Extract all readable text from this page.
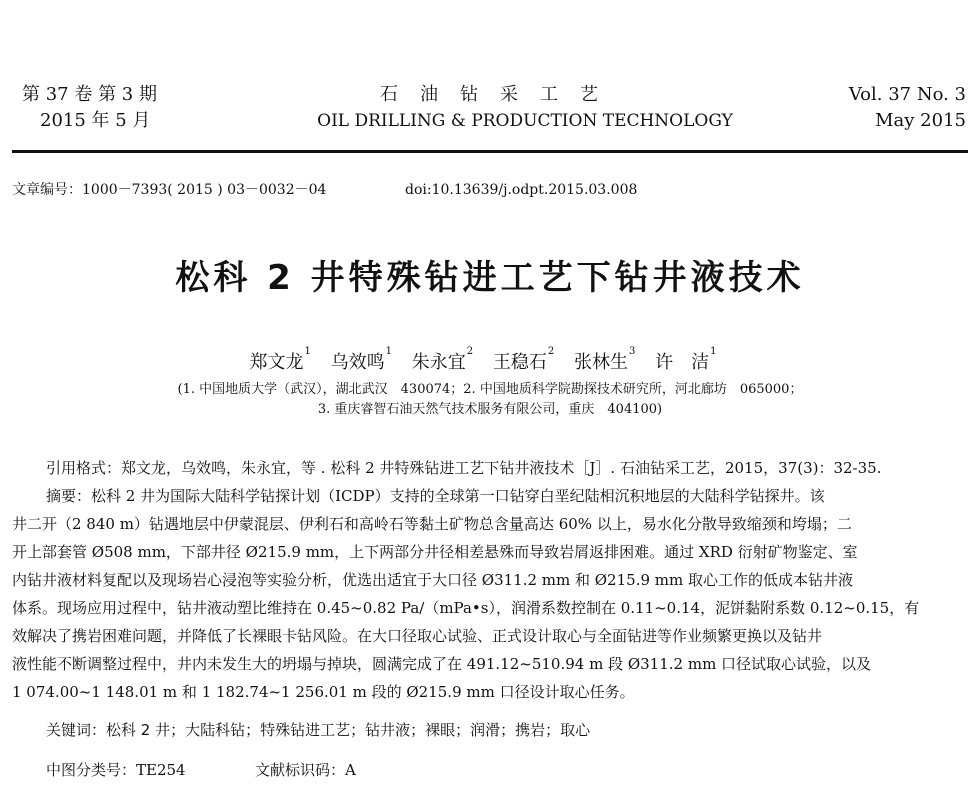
第 37 卷 第 3 期
2015 年 5 月
石　油　钻　采　工　艺
OIL DRILLING & PRODUCTION TECHNOLOGY
Vol. 37 No. 3
May 2015
文章编号：1000－7393( 2015 ) 03－0032－04	doi:10.13639/j.odpt.2015.03.008
松科 2 井特殊钻进工艺下钻井液技术
郑文龙$^1$ 乌效鸣$^1$ 朱永宜$^2$ 王稳石$^2$ 张林生$^3$ 许　洁$^1$
(1. 中国地质大学（武汉），湖北武汉　430074；2. 中国地质科学院勘探技术研究所，河北廊坊　065000；
3. 重庆睿智石油天然气技术服务有限公司，重庆　404100)
引用格式：郑文龙，乌效鸣，朱永宜，等 . 松科 2 井特殊钻进工艺下钻井液技术［J］. 石油钻采工艺，2015，37(3)：32-35.
摘要：松科 2 井为国际大陆科学钻探计划（ICDP）支持的全球第一口钻穿白垩纪陆相沉积地层的大陆科学钻探井。该
井二开（2 840 m）钻遇地层中伊蒙混层、伊利石和高岭石等黏土矿物总含量高达 60% 以上，易水化分散导致缩颈和垮塌；二
开上部套管 Ø508 mm，下部井径 Ø215.9 mm，上下两部分井径相差悬殊而导致岩屑返排困难。通过 XRD 衍射矿物鉴定、室
内钻井液材料复配以及现场岩心浸泡等实验分析，优选出适宜于大口径 Ø311.2 mm 和 Ø215.9 mm 取心工作的低成本钻井液
体系。现场应用过程中，钻井液动塑比维持在 0.45~0.82 Pa/（mPa•s），润滑系数控制在 0.11~0.14，泥饼黏附系数 0.12~0.15，有
效解决了携岩困难问题，并降低了长裸眼卡钻风险。在大口径取心试验、正式设计取心与全面钻进等作业频繁更换以及钻井
液性能不断调整过程中，井内未发生大的坍塌与掉块，圆满完成了在 491.12~510.94 m 段 Ø311.2 mm 口径试取心试验，以及
1 074.00~1 148.01 m 和 1 182.74~1 256.01 m 段的 Ø215.9 mm 口径设计取心任务。
关键词：松科 2 井；大陆科钻；特殊钻进工艺；钻井液；裸眼；润滑；携岩；取心
中图分类号：TE254	文献标识码：A
